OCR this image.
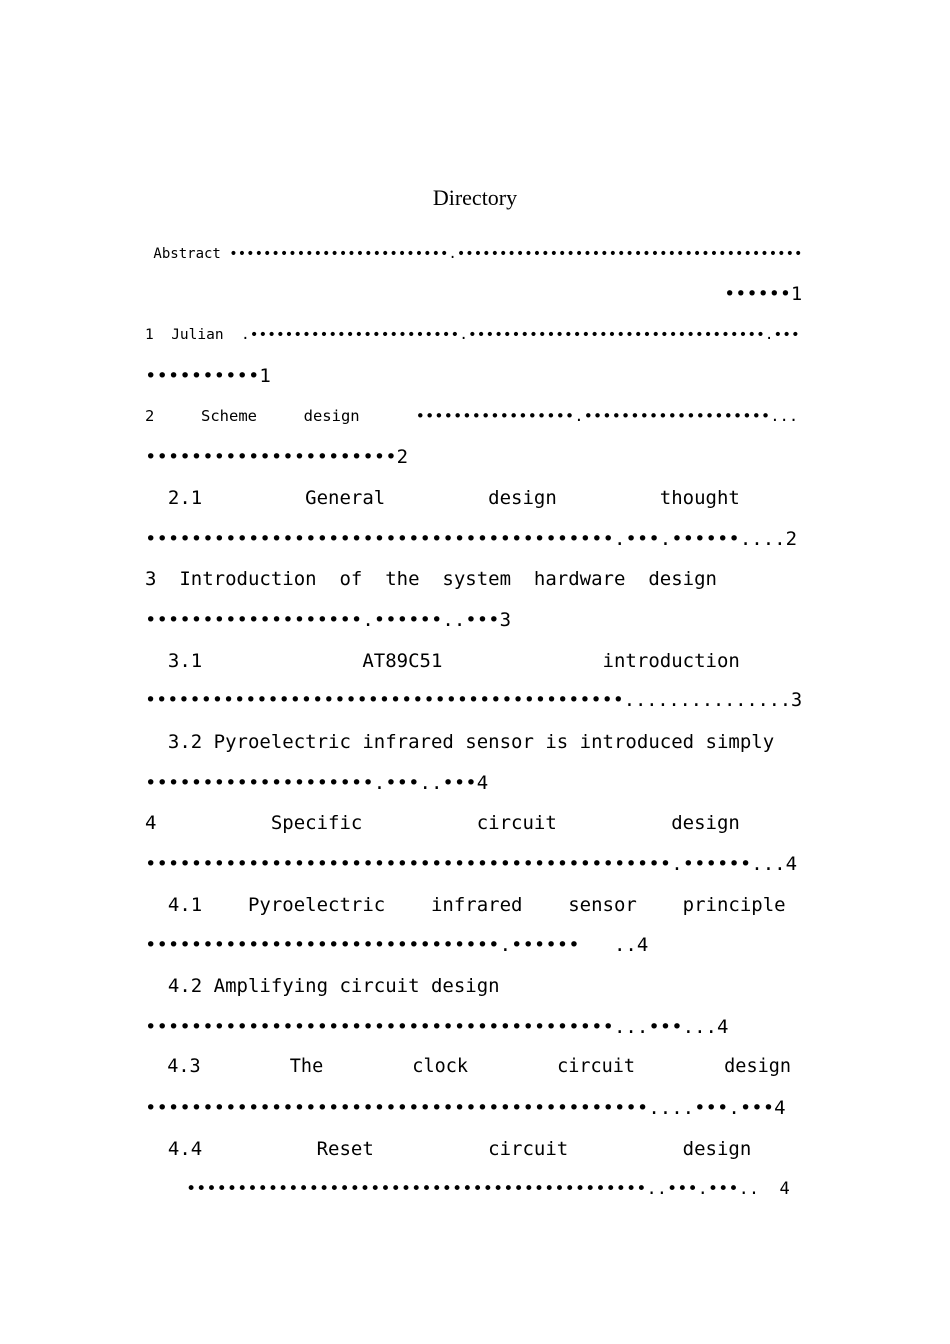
Directory
Abstract ••••••••••••••••••••••••••.•••••••••••••••••••••••••••••••••••••••••
••••••1
1  Julian  .••••••••••••••••••••••••.••••••••••••••••••••••••••••••••••.•••
••••••••••1
2     Scheme     design      •••••••••••••••••.••••••••••••••••••••...
••••••••••••••••••••••2
2.1         General         design         thought
•••••••••••••••••••••••••••••••••••••••••.•••.••••••....2
3  Introduction  of  the  system  hardware  design
•••••••••••••••••••.••••••..•••3
3.1              AT89C51              introduction
•••••••••••••••••••••••••••••••••••••••••••...............3
3.2 Pyroelectric infrared sensor is introduced simply
••••••••••••••••••••.•••..•••4
4          Specific          circuit          design
••••••••••••••••••••••••••••••••••••••••••••••.••••••...4
4.1    Pyroelectric    infrared    sensor    principle
•••••••••••••••••••••••••••••••.••••••   ..4
4.2 Amplifying circuit design
•••••••••••••••••••••••••••••••••••••••••...•••...4
4.3        The        clock        circuit        design
••••••••••••••••••••••••••••••••••••••••••••....•••.•••4
4.4          Reset          circuit          design
•••••••••••••••••••••••••••••••••••••••••••••..•••.•••..  4
